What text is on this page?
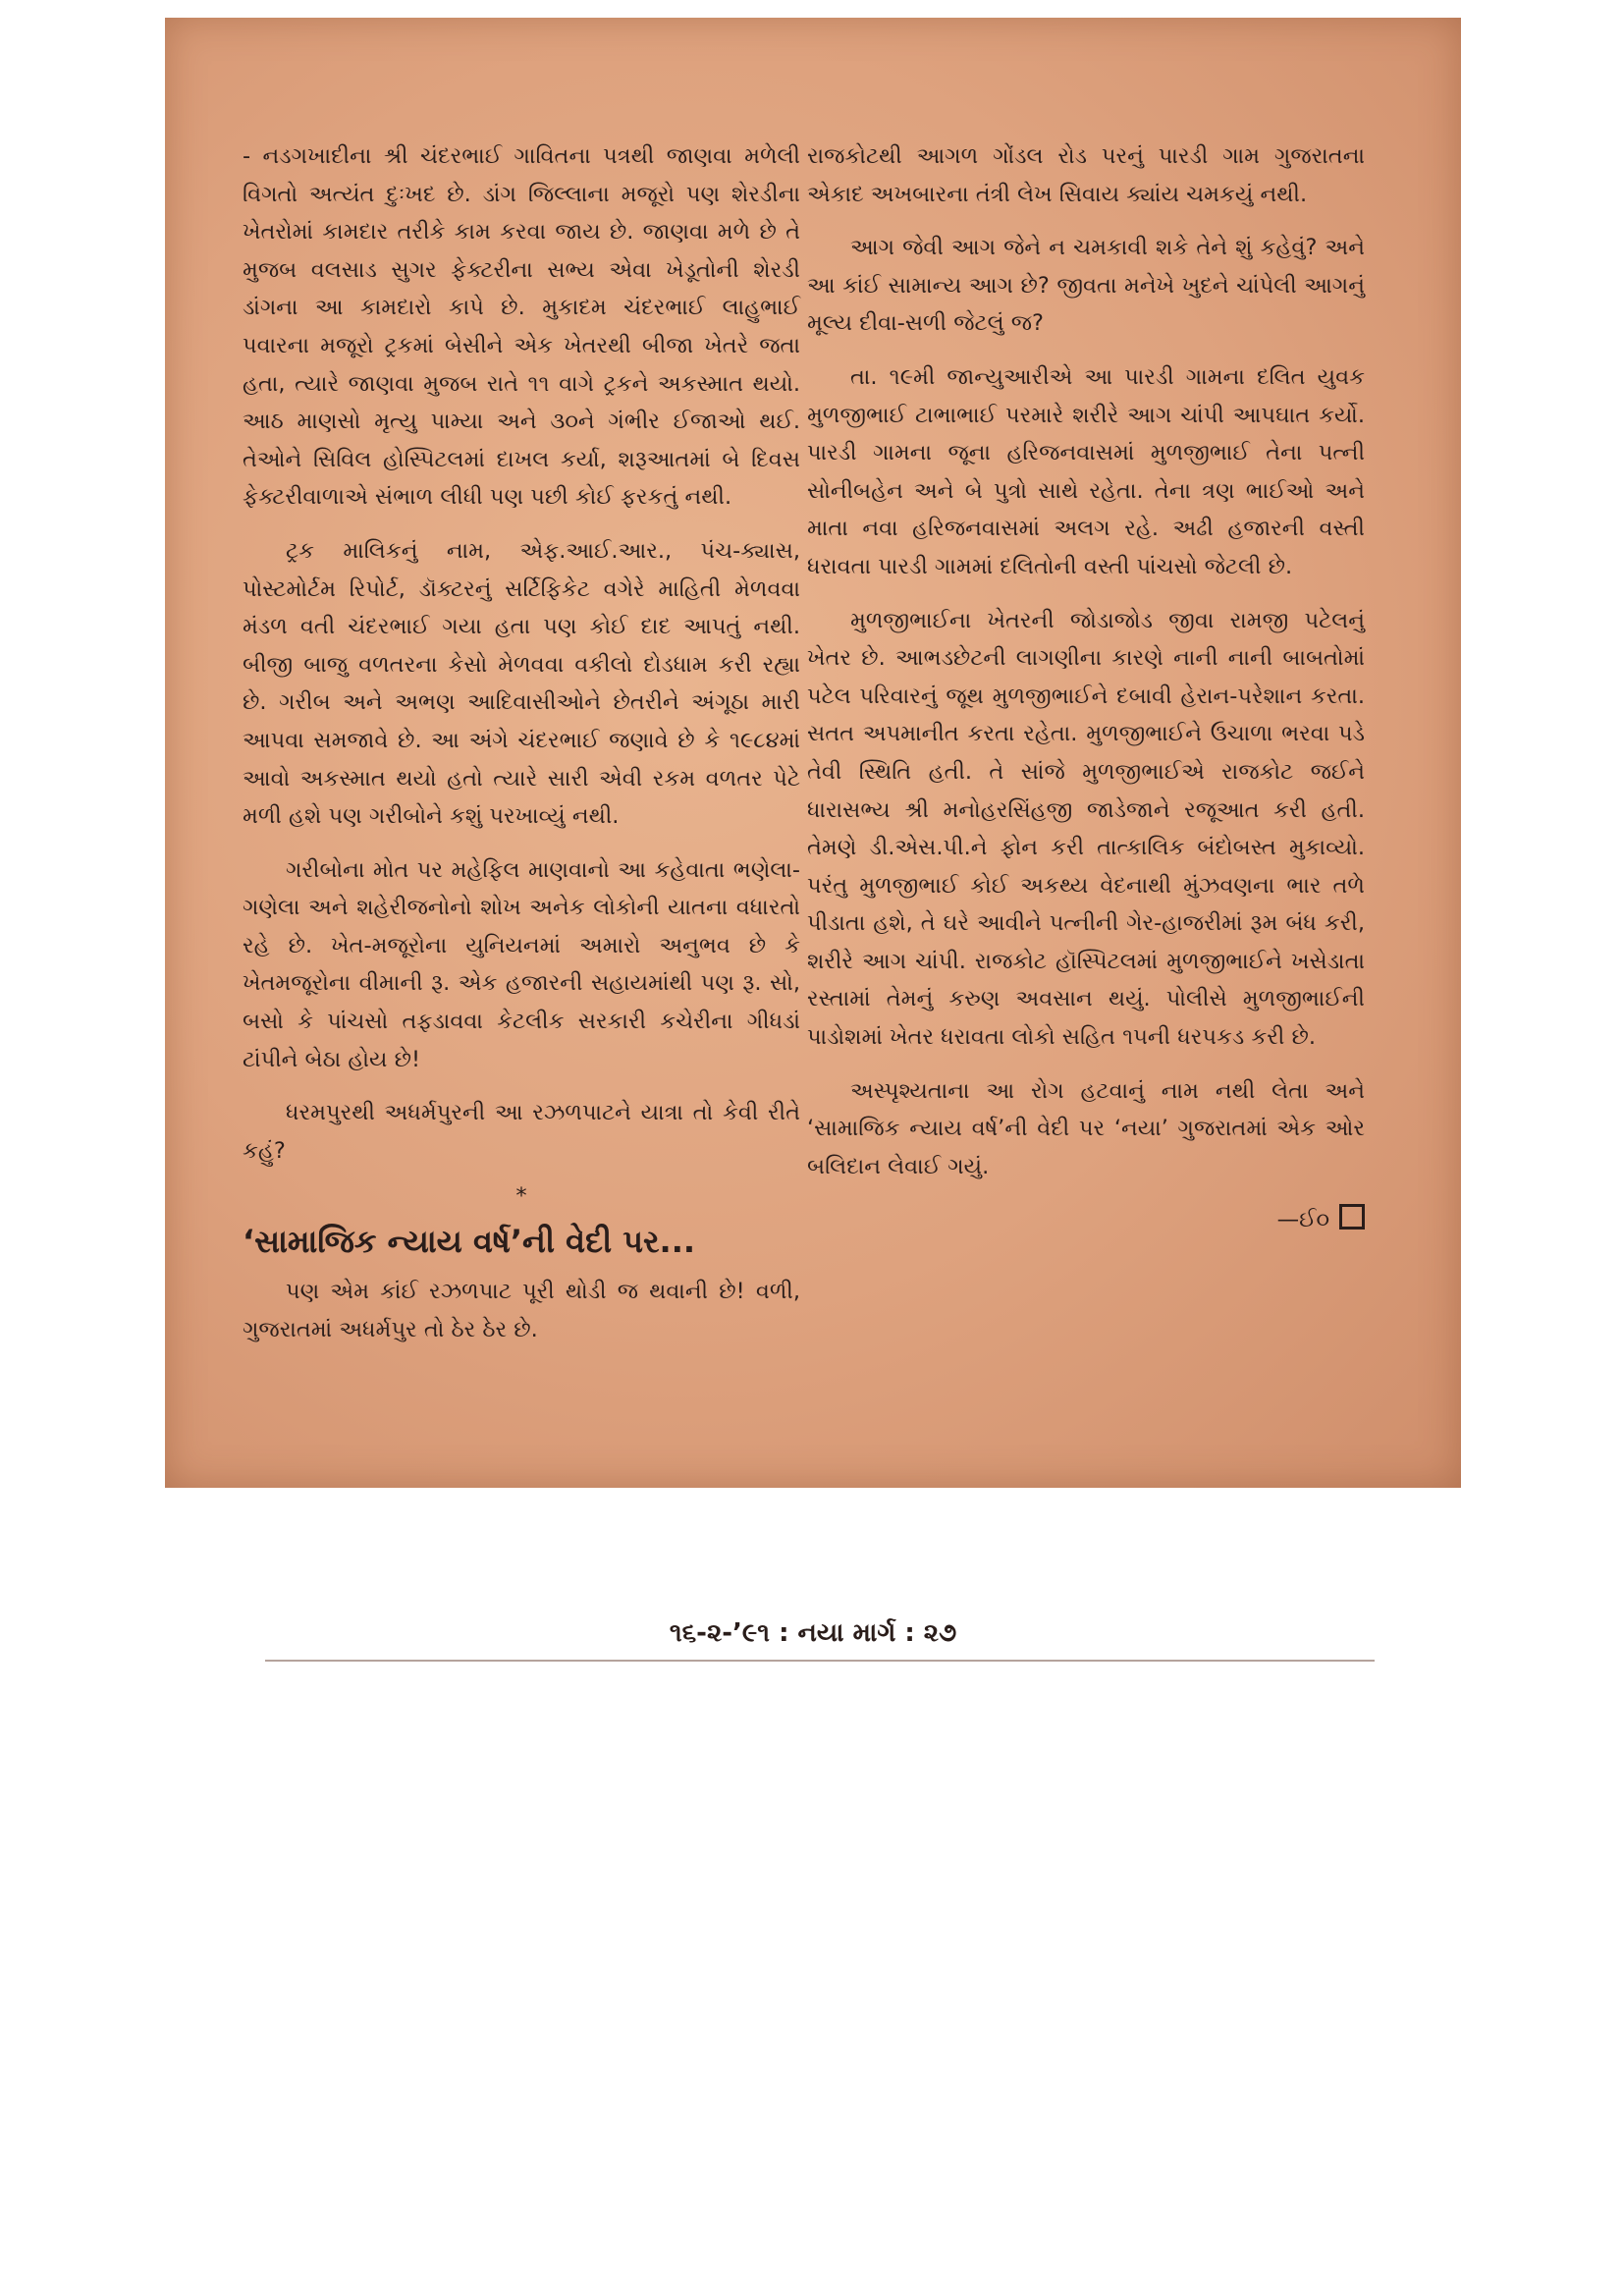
- નડગખાદીના શ્રી ચંદરભાઈ ગાવિતના પત્રથી જાણવા મળેલી વિગતો અત્યંત દુઃખદ છે. ડાંગ જિલ્લાના મજૂરો પણ શેરડીના ખેતરોમાં કામદાર તરીકે કામ કરવા જાય છે. જાણવા મળે છે તે મુજબ વલસાડ સુગર ફેક્ટરીના સભ્ય એવા ખેડૂતોની શેરડી ડાંગના આ કામદારો કાપે છે. મુકાદમ ચંદરભાઈ લાહુભાઈ પવારના મજૂરો ટ્રકમાં બેસીને એક ખેતરથી બીજા ખેતરે જતા હતા, ત્યારે જાણવા મુજબ રાતે ૧૧ વાગે ટ્રકને અકસ્માત થયો. આઠ માણસો મૃત્યુ પામ્યા અને ૩૦ને ગંભીર ઈજાઓ થઈ. તેઓને સિવિલ હોસ્પિટલમાં દાખલ કર્યા, શરૂઆતમાં બે દિવસ ફેક્ટરીવાળાએ સંભાળ લીધી પણ પછી કોઈ ફરકતું નથી.

ટ્રક માલિકનું નામ, એફ.આઈ.આર., પંચ-ક્યાસ, પોસ્ટમોર્ટમ રિપોર્ટ, ડૉક્ટરનું સર્ટિફિકેટ વગેરે માહિતી મેળવવા મંડળ વતી ચંદરભાઈ ગયા હતા પણ કોઈ દાદ આપતું નથી. બીજી બાજુ વળતરના કેસો મેળવવા વકીલો દોડધામ કરી રહ્યા છે. ગરીબ અને અભણ આદિવાસીઓને છેતરીને અંગૂઠા મારી આપવા સમજાવે છે. આ અંગે ચંદરભાઈ જણાવે છે કે ૧૯૮૪માં આવો અકસ્માત થયો હતો ત્યારે સારી એવી રકમ વળતર પેટે મળી હશે પણ ગરીબોને કશું પરખાવ્યું નથી.

ગરીબોના મોત પર મહેફિલ માણવાનો આ કહેવાતા ભણેલા-ગણેલા અને શહેરીજનોનો શોખ અનેક લોકોની યાતના વધારતો રહે છે. ખેત-મજૂરોના યુનિયનમાં અમારો અનુભવ છે કે ખેતમજૂરોના વીમાની રૂ. એક હજારની સહાયમાંથી પણ રૂ. સો, બસો કે પાંચસો તફડાવવા કેટલીક સરકારી કચેરીના ગીધડાં ટાંપીને બેઠા હોય છે!

ધરમપુરથી અધર્મપુરની આ રઝળપાટને યાત્રા તો કેવી રીતે કહું?

*

‘સામાજિક ન્યાય વર્ષ’ની વેદી પર...

પણ એમ કાંઈ રઝળપાટ પૂરી થોડી જ થવાની છે! વળી, ગુજરાતમાં અધર્મપુર તો ઠેર ઠેર છે.

રાજકોટથી આગળ ગોંડલ રોડ પરનું પારડી ગામ ગુજરાતના એકાદ અખબારના તંત્રી લેખ સિવાય ક્યાંય ચમકયું નથી.

આગ જેવી આગ જેને ન ચમકાવી શકે તેને શું કહેવું? અને આ કાંઈ સામાન્ય આગ છે? જીવતા મનેખે ખુદને ચાંપેલી આગનું મૂલ્ય દીવા-સળી જેટલું જ?

તા. ૧૯મી જાન્યુઆરીએ આ પારડી ગામના દલિત યુવક મુળજીભાઈ ટાભાભાઈ પરમારે શરીરે આગ ચાંપી આપઘાત કર્યો. પારડી ગામના જૂના હરિજનવાસમાં મુળજીભાઈ તેના પત્ની સોનીબહેન અને બે પુત્રો સાથે રહેતા. તેના ત્રણ ભાઈઓ અને માતા નવા હરિજનવાસમાં અલગ રહે. અઢી હજારની વસ્તી ધરાવતા પારડી ગામમાં દલિતોની વસ્તી પાંચસો જેટલી છે.

મુળજીભાઈના ખેતરની જોડાજોડ જીવા રામજી પટેલનું ખેતર છે. આભડછેટની લાગણીના કારણે નાની નાની બાબતોમાં પટેલ પરિવારનું જૂથ મુળજીભાઈને દબાવી હેરાન-પરેશાન કરતા. સતત અપમાનીત કરતા રહેતા. મુળજીભાઈને ઉચાળા ભરવા પડે તેવી સ્થિતિ હતી. તે સાંજે મુળજીભાઈએ રાજકોટ જઈને ધારાસભ્ય શ્રી મનોહરસિંહજી જાડેજાને રજૂઆત કરી હતી. તેમણે ડી.એસ.પી.ને ફોન કરી તાત્કાલિક બંદોબસ્ત મુકાવ્યો. પરંતુ મુળજીભાઈ કોઈ અકથ્ય વેદનાથી મુંઝવણના ભાર તળે પીડાતા હશે, તે ઘરે આવીને પત્નીની ગેર-હાજરીમાં રૂમ બંધ કરી, શરીરે આગ ચાંપી. રાજકોટ હૉસ્પિટલમાં મુળજીભાઈને ખસેડાતા રસ્તામાં તેમનું કરુણ અવસાન થયું. પોલીસે મુળજીભાઈની પાડોશમાં ખેતર ધરાવતા લોકો સહિત ૧૫ની ધરપકડ કરી છે.

અસ્પૃશ્યતાના આ રોગ હટવાનું નામ નથી લેતા અને ‘સામાજિક ન્યાય વર્ષ’ની વેદી પર ‘નયા’ ગુજરાતમાં એક ઓર બલિદાન લેવાઈ ગયું.

—ઈ૦

૧૬-૨-’૯૧ : નયા માર્ગ : ૨૭
